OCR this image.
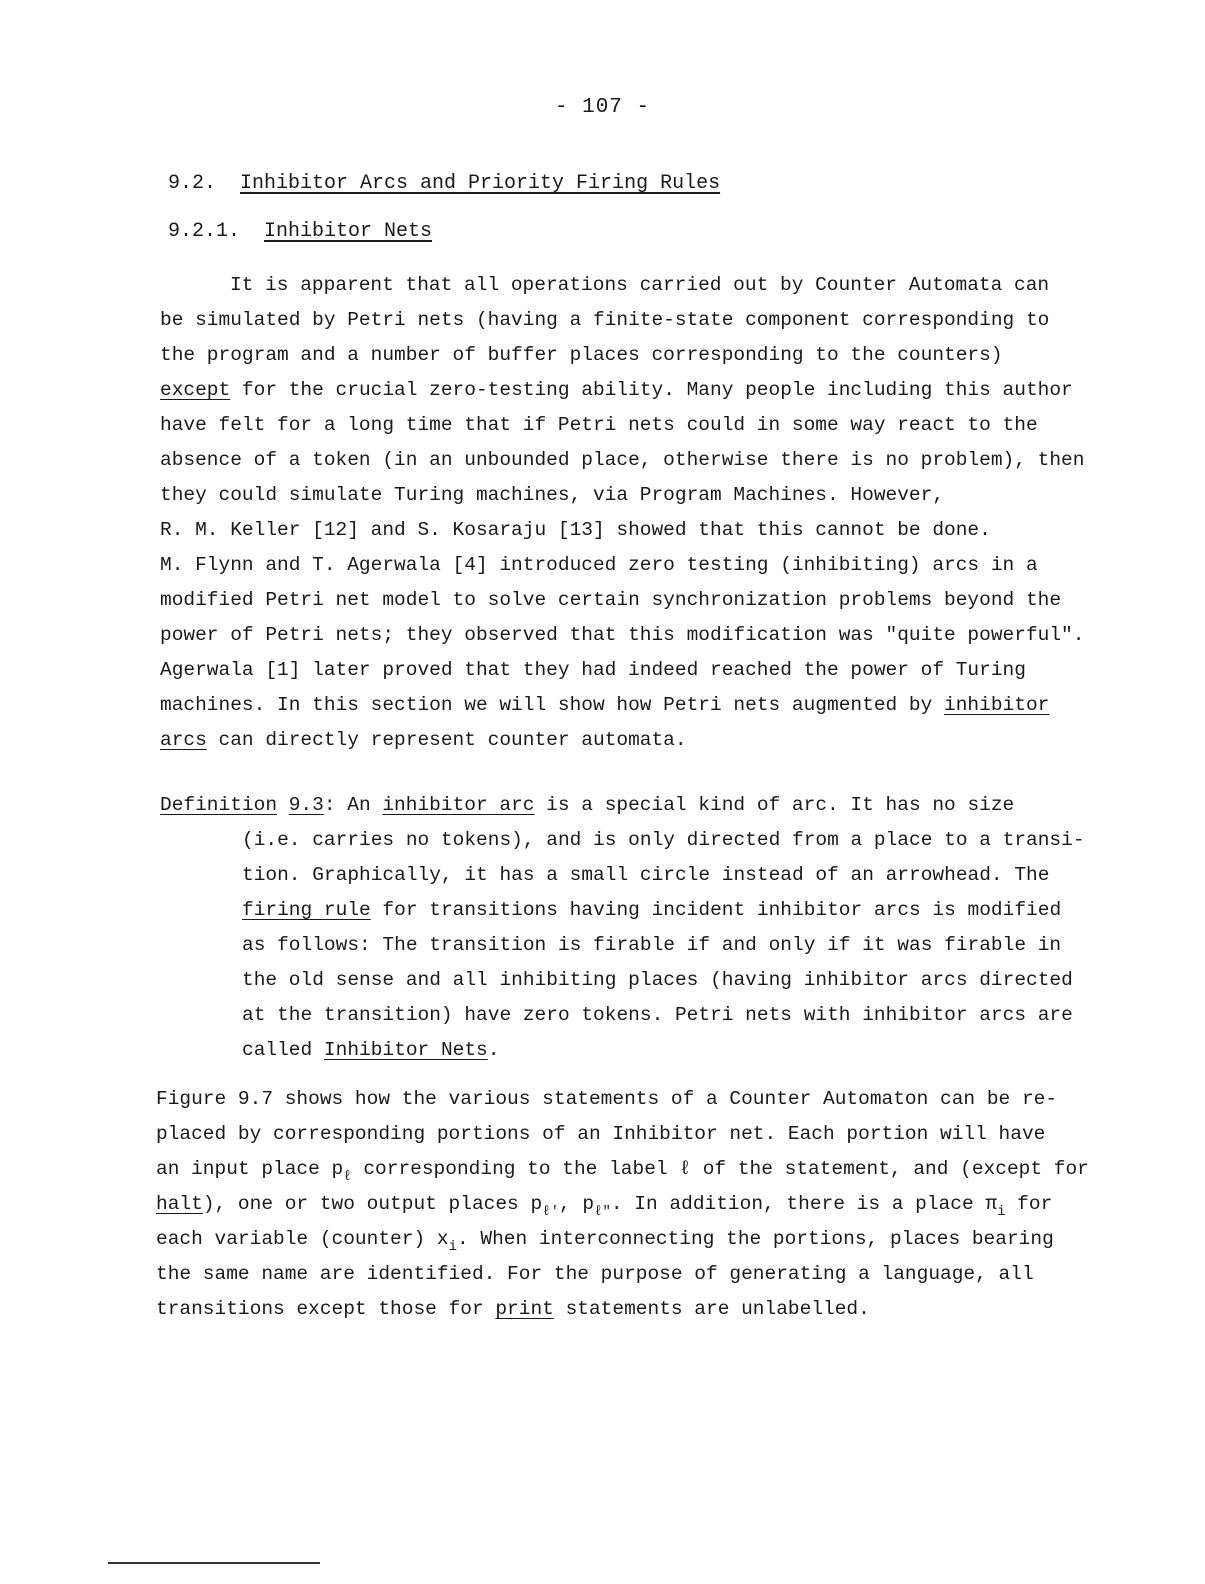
- 107 -
9.2. Inhibitor Arcs and Priority Firing Rules
9.2.1. Inhibitor Nets
It is apparent that all operations carried out by Counter Automata can
be simulated by Petri nets (having a finite-state component corresponding to
the program and a number of buffer places corresponding to the counters)
except for the crucial zero-testing ability. Many people including this author
have felt for a long time that if Petri nets could in some way react to the
absence of a token (in an unbounded place, otherwise there is no problem), then
they could simulate Turing machines, via Program Machines. However,
R. M. Keller [12] and S. Kosaraju [13] showed that this cannot be done.
M. Flynn and T. Agerwala [4] introduced zero testing (inhibiting) arcs in a
modified Petri net model to solve certain synchronization problems beyond the
power of Petri nets; they observed that this modification was "quite powerful".
Agerwala [1] later proved that they had indeed reached the power of Turing
machines. In this section we will show how Petri nets augmented by inhibitor
arcs can directly represent counter automata.
Definition 9.3: An inhibitor arc is a special kind of arc. It has no size
(i.e. carries no tokens), and is only directed from a place to a transi-
tion. Graphically, it has a small circle instead of an arrowhead. The
firing rule for transitions having incident inhibitor arcs is modified
as follows: The transition is firable if and only if it was firable in
the old sense and all inhibiting places (having inhibitor arcs directed
at the transition) have zero tokens. Petri nets with inhibitor arcs are
called Inhibitor Nets.
Figure 9.7 shows how the various statements of a Counter Automaton can be re-
placed by corresponding portions of an Inhibitor net. Each portion will have
an input place $p_\ell$ corresponding to the label ℓ of the statement, and (except for
halt), one or two output places $p_{\ell'}$, $p_{\ell"}$. In addition, there is a place $\pi_i$ for
each variable (counter) $x_i$. When interconnecting the portions, places bearing
the same name are identified. For the purpose of generating a language, all
transitions except those for print statements are unlabelled.
